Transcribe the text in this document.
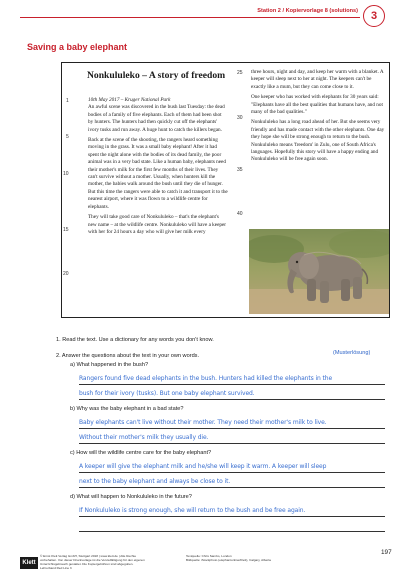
Station 2 / Kopiervorlage 8 (solutions)	3
Saving a baby elephant
Nonkululeko – A story of freedom

10th May 2017 – Kruger National Park

An awful scene was discovered in the bush last Tuesday: the dead bodies of a family of five elephants. Each of them had been shot by hunters. The hunters had then quickly cut off the elephants' ivory tusks and run away. A huge hunt to catch the killers began.

Back at the scene of the shooting, the rangers heard something moving in the grass. It was a small baby elephant! After it had spent the night alone with the bodies of its dead family, the poor animal was in a very bad state. Like a human baby, elephants need their mother's milk for the first few months of their lives. They can't survive without a mother. Usually, when hunters kill the mother, the babies walk around the bush until they die of hunger. But this time the rangers were able to catch it and transport it to the nearest airport, where it was flown to a wildlife centre for elephants.

They will take good care of Nonkululeko – that's the elephant's new name – at the wildlife centre. Nonkululeko will have a keeper with her for 24 hours a day who will give her milk every

three hours, night and day, and keep her warm with a blanket. A keeper will sleep next to her at night. The keepers can't be exactly like a mum, but they can come close to it.

One keeper who has worked with elephants for 30 years said: "Elephants have all the best qualities that humans have, and not many of the bad qualities."

Nonkululeko has a long road ahead of her. But she seems very friendly and has made contact with the other elephants. One day they hope she will be strong enough to return to the bush. Nonkululeko means 'freedom' in Zulu, one of South Africa's languages. Hopefully this story will have a happy ending and Nonkululeko will be free again soon.

1
5
10
15
20
25
30
35
40
1. Read the text. Use a dictionary for any words you don't know.
2. Answer the questions about the text in your own words.	(Musterlösung)
a) What happened in the bush?
Rangers found five dead elephants in the bush. Hunters had killed the elephants in the
bush for their ivory (tusks). But one baby elephant survived.
b) Why was the baby elephant in a bad state?
Baby elephants can't live without their mother. They need their mother's milk to live.
Without their mother's milk they usually die.
c) How will the wildlife centre care for the baby elephant?
A keeper will give the elephant milk and he/she will keep it warm. A keeper will sleep
next to the baby elephant and always be close to it.
d) What will happen to Nonkululeko in the future?
If Nonkululeko is strong enough, she will return to the bush and be free again.
Klett
© Ernst Klett Verlag GmbH, Stuttgart 2018 | www.klett.de | Alle Rechte
vorbehalten. Von dieser Druckvorlage ist die Vervielfältigung für den eigenen
Unterrichtsgebrauch gestattet. Die Kopiergebühren sind abgegolten.
Lehrerband Red Line 3
Textquelle: Chris Sambo, London
Bildquelle: iStockphoto (elephantonline/Klett), Calgary, Alberta
197
